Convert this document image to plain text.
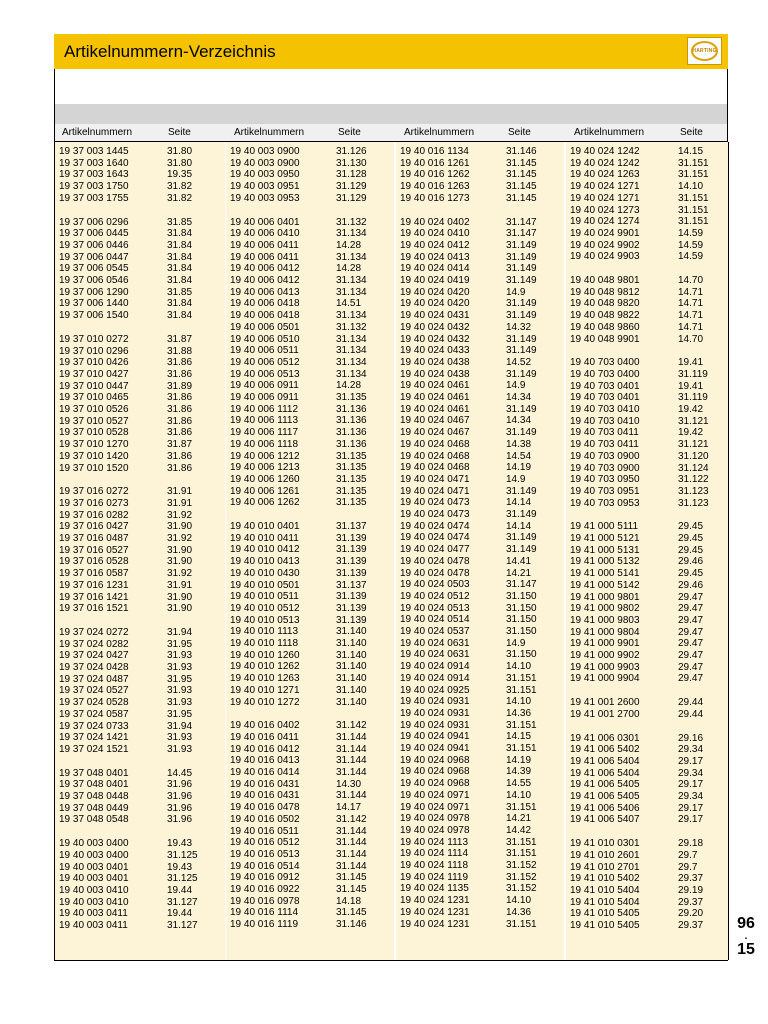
Artikelnummern-Verzeichnis	HARTING
Artikelnummern	Seite	Artikelnummern	Seite	Artikelnummern	Seite	Artikelnummern	Seite
19 37 003 1445	31.80
19 37 003 1640	31.80
19 37 003 1643	19.35
19 37 003 1750	31.82
19 37 003 1755	31.82
19 37 006 0296	31.85
19 37 006 0445	31.84
19 37 006 0446	31.84
19 37 006 0447	31.84
19 37 006 0545	31.84
19 37 006 0546	31.84
19 37 006 1290	31.85
19 37 006 1440	31.84
19 37 006 1540	31.84
19 37 010 0272	31.87
19 37 010 0296	31.88
19 37 010 0426	31.86
19 37 010 0427	31.86
19 37 010 0447	31.89
19 37 010 0465	31.86
19 37 010 0526	31.86
19 37 010 0527	31.86
19 37 010 0528	31.86
19 37 010 1270	31.87
19 37 010 1420	31.86
19 37 010 1520	31.86
19 37 016 0272	31.91
19 37 016 0273	31.91
19 37 016 0282	31.92
19 37 016 0427	31.90
19 37 016 0487	31.92
19 37 016 0527	31.90
19 37 016 0528	31.90
19 37 016 0587	31.92
19 37 016 1231	31.91
19 37 016 1421	31.90
19 37 016 1521	31.90
19 37 024 0272	31.94
19 37 024 0282	31.95
19 37 024 0427	31.93
19 37 024 0428	31.93
19 37 024 0487	31.95
19 37 024 0527	31.93
19 37 024 0528	31.93
19 37 024 0587	31.95
19 37 024 0733	31.94
19 37 024 1421	31.93
19 37 024 1521	31.93
19 37 048 0401	14.45
19 37 048 0401	31.96
19 37 048 0448	31.96
19 37 048 0449	31.96
19 37 048 0548	31.96
19 40 003 0400	19.43
19 40 003 0400	31.125
19 40 003 0401	19.43
19 40 003 0401	31.125
19 40 003 0410	19.44
19 40 003 0410	31.127
19 40 003 0411	19.44
19 40 003 0411	31.127
19 40 003 0900	31.126
19 40 003 0900	31.130
19 40 003 0950	31.128
19 40 003 0951	31.129
19 40 003 0953	31.129
19 40 006 0401	31.132
19 40 006 0410	31.134
19 40 006 0411	14.28
19 40 006 0411	31.134
19 40 006 0412	14.28
19 40 006 0412	31.134
19 40 006 0413	31.134
19 40 006 0418	14.51
19 40 006 0418	31.134
19 40 006 0501	31.132
19 40 006 0510	31.134
19 40 006 0511	31.134
19 40 006 0512	31.134
19 40 006 0513	31.134
19 40 006 0911	14.28
19 40 006 0911	31.135
19 40 006 1112	31.136
19 40 006 1113	31.136
19 40 006 1117	31.136
19 40 006 1118	31.136
19 40 006 1212	31.135
19 40 006 1213	31.135
19 40 006 1260	31.135
19 40 006 1261	31.135
19 40 006 1262	31.135
19 40 010 0401	31.137
19 40 010 0411	31.139
19 40 010 0412	31.139
19 40 010 0413	31.139
19 40 010 0430	31.139
19 40 010 0501	31.137
19 40 010 0511	31.139
19 40 010 0512	31.139
19 40 010 0513	31.139
19 40 010 1113	31.140
19 40 010 1118	31.140
19 40 010 1260	31.140
19 40 010 1262	31.140
19 40 010 1263	31.140
19 40 010 1271	31.140
19 40 010 1272	31.140
19 40 016 0402	31.142
19 40 016 0411	31.144
19 40 016 0412	31.144
19 40 016 0413	31.144
19 40 016 0414	31.144
19 40 016 0431	14.30
19 40 016 0431	31.144
19 40 016 0478	14.17
19 40 016 0502	31.142
19 40 016 0511	31.144
19 40 016 0512	31.144
19 40 016 0513	31.144
19 40 016 0514	31.144
19 40 016 0912	31.145
19 40 016 0922	31.145
19 40 016 0978	14.18
19 40 016 1114	31.145
19 40 016 1119	31.146
19 40 016 1134	31.146
19 40 016 1261	31.145
19 40 016 1262	31.145
19 40 016 1263	31.145
19 40 016 1273	31.145
19 40 024 0402	31.147
19 40 024 0410	31.147
19 40 024 0412	31.149
19 40 024 0413	31.149
19 40 024 0414	31.149
19 40 024 0419	31.149
19 40 024 0420	14.9
19 40 024 0420	31.149
19 40 024 0431	31.149
19 40 024 0432	14.32
19 40 024 0432	31.149
19 40 024 0433	31.149
19 40 024 0438	14.52
19 40 024 0438	31.149
19 40 024 0461	14.9
19 40 024 0461	14.34
19 40 024 0461	31.149
19 40 024 0467	14.34
19 40 024 0467	31.149
19 40 024 0468	14.38
19 40 024 0468	14.54
19 40 024 0468	14.19
19 40 024 0471	14.9
19 40 024 0471	31.149
19 40 024 0473	14.14
19 40 024 0473	31.149
19 40 024 0474	14.14
19 40 024 0474	31.149
19 40 024 0477	31.149
19 40 024 0478	14.41
19 40 024 0478	14.21
19 40 024 0503	31.147
19 40 024 0512	31.150
19 40 024 0513	31.150
19 40 024 0514	31.150
19 40 024 0537	31.150
19 40 024 0631	14.9
19 40 024 0631	31.150
19 40 024 0914	14.10
19 40 024 0914	31.151
19 40 024 0925	31.151
19 40 024 0931	14.10
19 40 024 0931	14.36
19 40 024 0931	31.151
19 40 024 0941	14.15
19 40 024 0941	31.151
19 40 024 0968	14.19
19 40 024 0968	14.39
19 40 024 0968	14.55
19 40 024 0971	14.10
19 40 024 0971	31.151
19 40 024 0978	14.21
19 40 024 0978	14.42
19 40 024 1113	31.151
19 40 024 1114	31.151
19 40 024 1118	31.152
19 40 024 1119	31.152
19 40 024 1135	31.152
19 40 024 1231	14.10
19 40 024 1231	14.36
19 40 024 1231	31.151
19 40 024 1242	14.15
19 40 024 1242	31.151
19 40 024 1263	31.151
19 40 024 1271	14.10
19 40 024 1271	31.151
19 40 024 1273	31.151
19 40 024 1274	31.151
19 40 024 9901	14.59
19 40 024 9902	14.59
19 40 024 9903	14.59
19 40 048 9801	14.70
19 40 048 9812	14.71
19 40 048 9820	14.71
19 40 048 9822	14.71
19 40 048 9860	14.71
19 40 048 9901	14.70
19 40 703 0400	19.41
19 40 703 0400	31.119
19 40 703 0401	19.41
19 40 703 0401	31.119
19 40 703 0410	19.42
19 40 703 0410	31.121
19 40 703 0411	19.42
19 40 703 0411	31.121
19 40 703 0900	31.120
19 40 703 0900	31.124
19 40 703 0950	31.122
19 40 703 0951	31.123
19 40 703 0953	31.123
19 41 000 5111	29.45
19 41 000 5121	29.45
19 41 000 5131	29.45
19 41 000 5132	29.46
19 41 000 5141	29.45
19 41 000 5142	29.46
19 41 000 9801	29.47
19 41 000 9802	29.47
19 41 000 9803	29.47
19 41 000 9804	29.47
19 41 000 9901	29.47
19 41 000 9902	29.47
19 41 000 9903	29.47
19 41 000 9904	29.47
19 41 001 2600	29.44
19 41 001 2700	29.44
19 41 006 0301	29.16
19 41 006 5402	29.34
19 41 006 5404	29.17
19 41 006 5404	29.34
19 41 006 5405	29.17
19 41 006 5405	29.34
19 41 006 5406	29.17
19 41 006 5407	29.17
19 41 010 0301	29.18
19 41 010 2601	29.7
19 41 010 2701	29.7
19 41 010 5402	29.37
19 41 010 5404	29.19
19 41 010 5404	29.37
19 41 010 5405	29.20
19 41 010 5405	29.37 96
.
15
